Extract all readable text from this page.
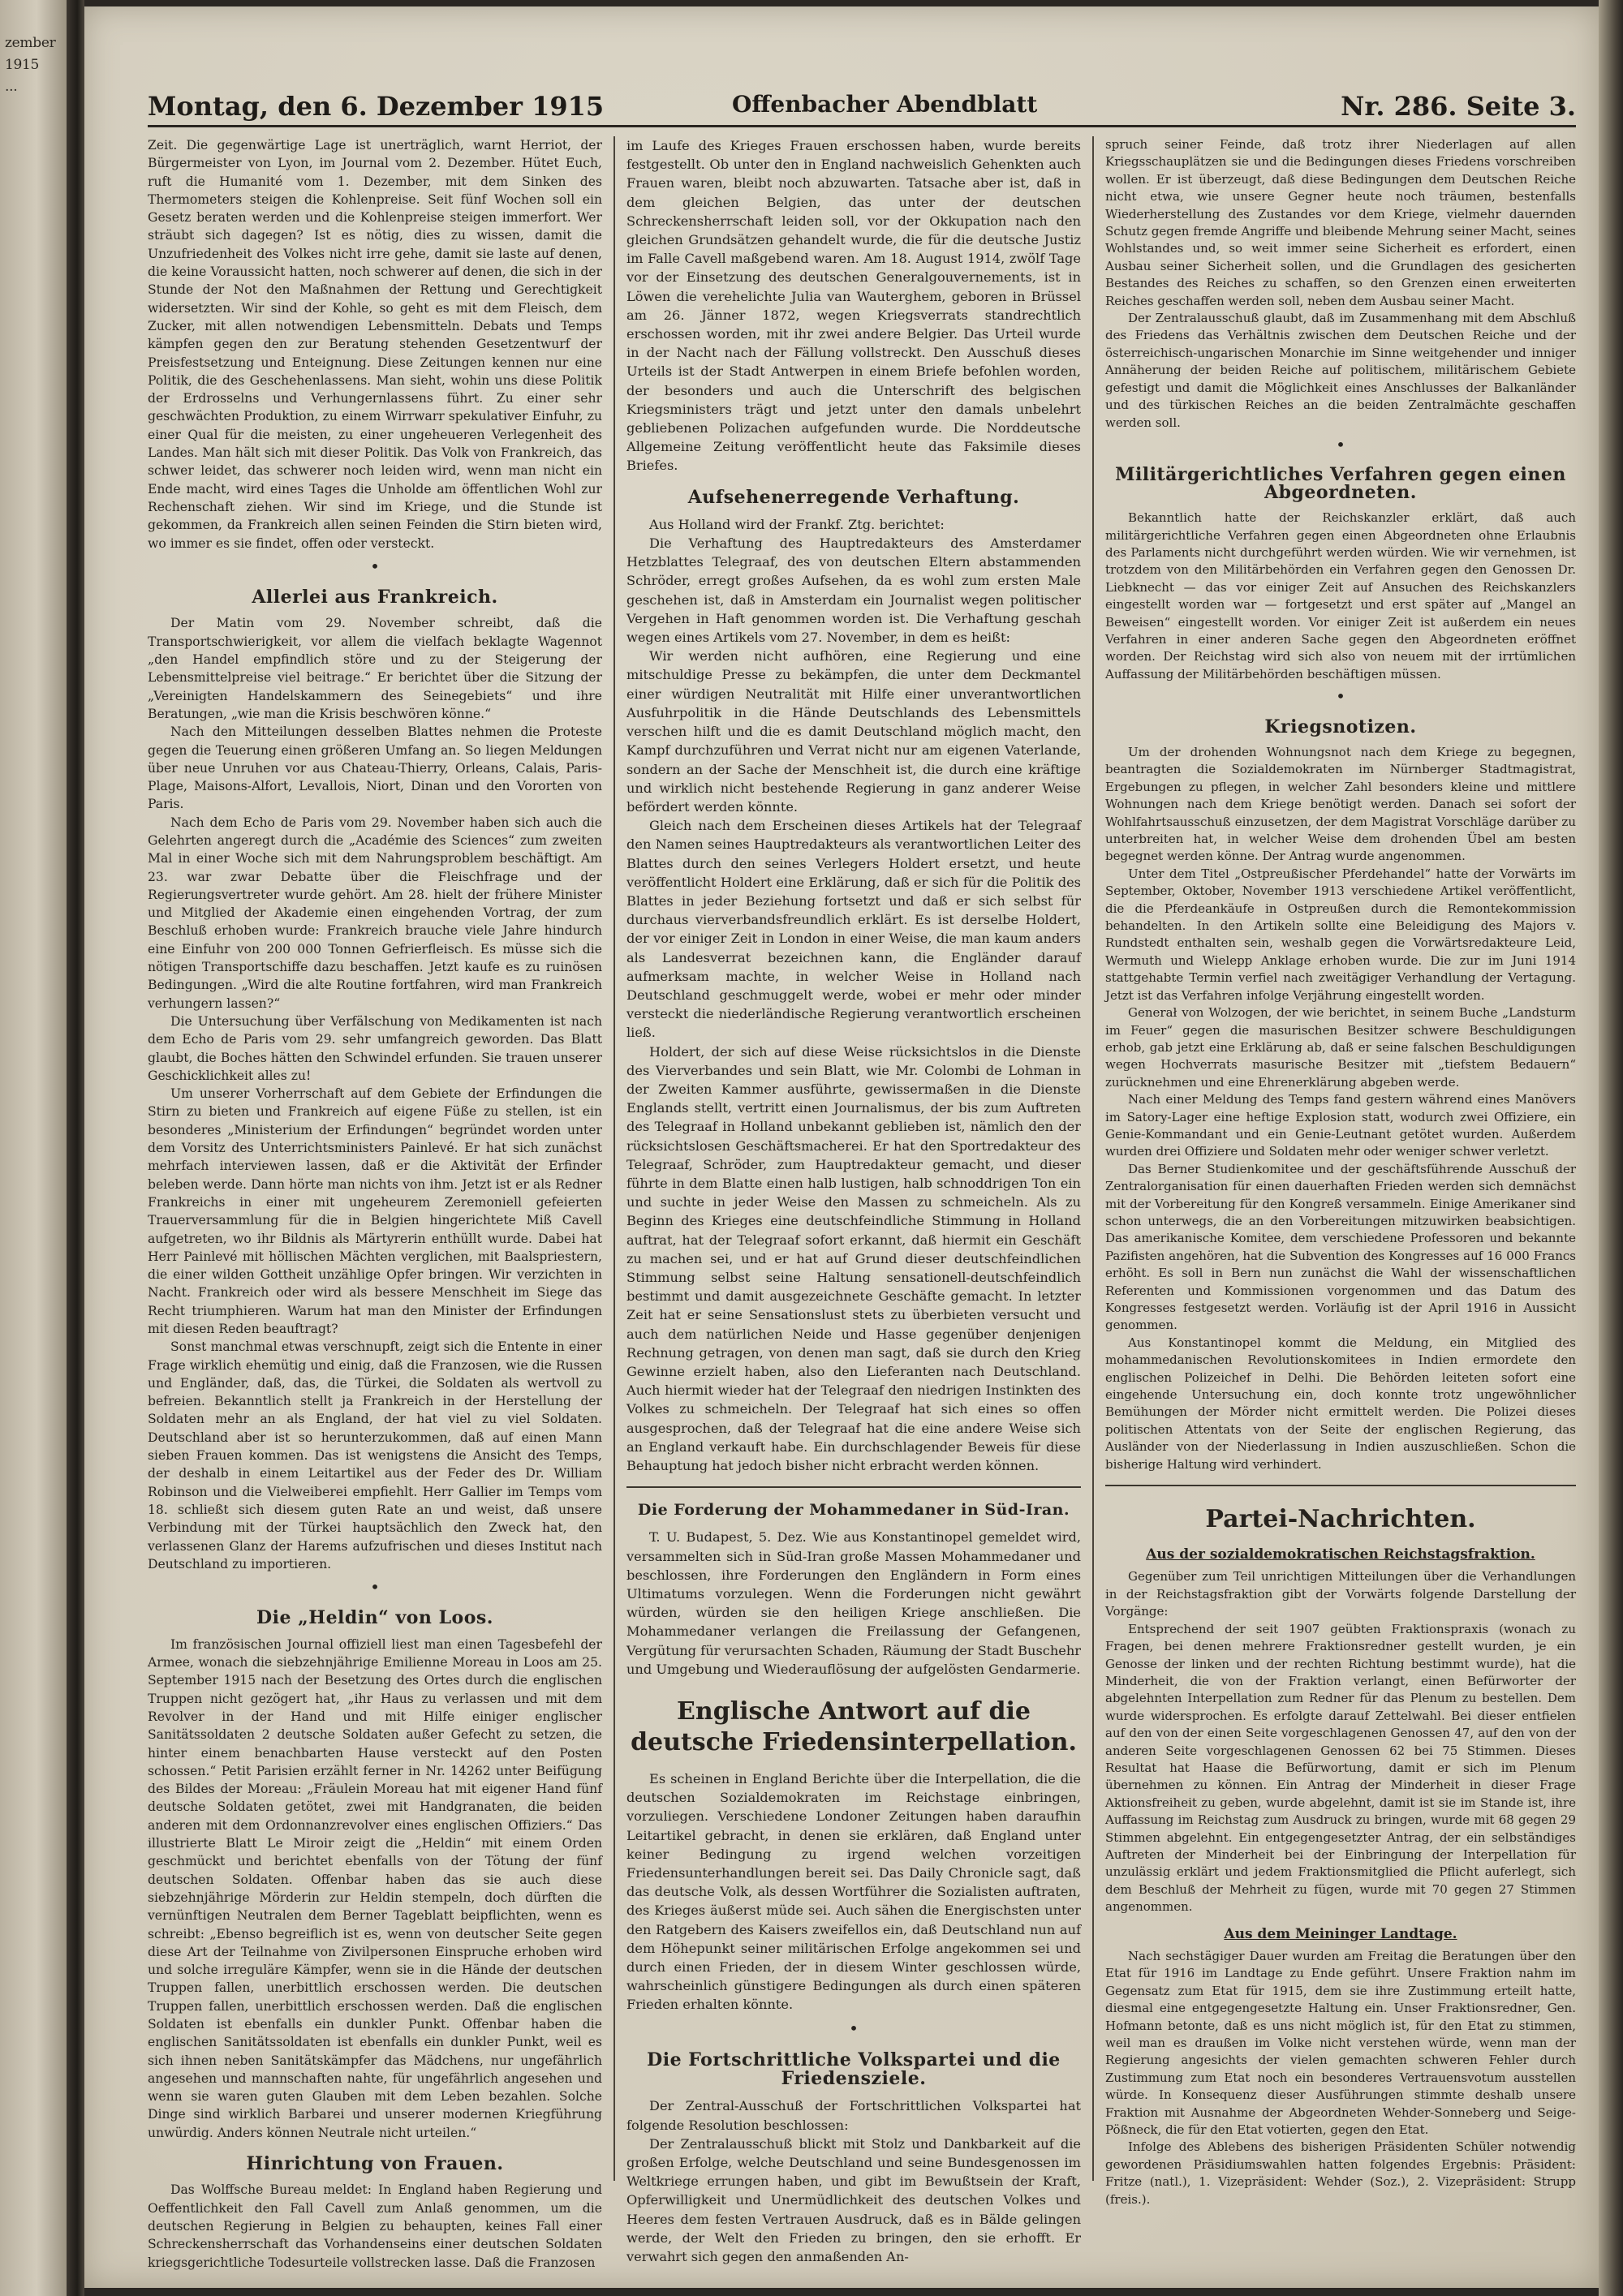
zember 1915
...
Montag, den 6. Dezember 1915	Offenbacher Abendblatt	Nr. 286. Seite 3.

Zeit. Die gegenwärtige Lage ist unerträglich, warnt Herriot, der Bürgermeister von Lyon, im Journal vom 2. Dezember. Hütet Euch, ruft die Humanité vom 1. Dezember, mit dem Sinken des Thermometers steigen die Kohlenpreise. Seit fünf Wochen soll ein Gesetz beraten werden und die Kohlenpreise steigen immerfort. Wer sträubt sich dagegen? Ist es nötig, dies zu wissen, damit die Unzufriedenheit des Volkes nicht irre gehe, damit sie laste auf denen, die keine Voraussicht hatten, noch schwerer auf denen, die sich in der Stunde der Not den Maßnahmen der Rettung und Gerechtigkeit widersetzten. Wir sind der Kohle, so geht es mit dem Fleisch, dem Zucker, mit allen notwendigen Lebensmitteln. Debats und Temps kämpfen gegen den zur Beratung stehenden Gesetzentwurf der Preisfestsetzung und Enteignung. Diese Zeitungen kennen nur eine Politik, die des Geschehenlassens. Man sieht, wohin uns diese Politik der Erdrosselns und Verhungernlassens führt. Zu einer sehr geschwächten Produktion, zu einem Wirrwarr spekulativer Einfuhr, zu einer Qual für die meisten, zu einer ungeheueren Verlegenheit des Landes. Man hält sich mit dieser Politik. Das Volk von Frankreich, das schwer leidet, das schwerer noch leiden wird, wenn man nicht ein Ende macht, wird eines Tages die Unholde am öffentlichen Wohl zur Rechenschaft ziehen. Wir sind im Kriege, und die Stunde ist gekommen, da Frankreich allen seinen Feinden die Stirn bieten wird, wo immer es sie findet, offen oder versteckt.

•
Allerlei aus Frankreich.

Der Matin vom 29. November schreibt, daß die Transportschwierigkeit, vor allem die vielfach beklagte Wagennot „den Handel empfindlich störe und zu der Steigerung der Lebensmittelpreise viel beitrage.“ Er berichtet über die Sitzung der „Vereinigten Handelskammern des Seinegebiets“ und ihre Beratungen, „wie man die Krisis beschwören könne.“

Nach den Mitteilungen desselben Blattes nehmen die Proteste gegen die Teuerung einen größeren Umfang an. So liegen Meldungen über neue Unruhen vor aus Chateau-Thierry, Orleans, Calais, Paris-Plage, Maisons-Alfort, Levallois, Niort, Dinan und den Vororten von Paris.

Nach dem Echo de Paris vom 29. November haben sich auch die Gelehrten angeregt durch die „Académie des Sciences“ zum zweiten Mal in einer Woche sich mit dem Nahrungsproblem beschäftigt. Am 23. war zwar Debatte über die Fleischfrage und der Regierungsvertreter wurde gehört. Am 28. hielt der frühere Minister und Mitglied der Akademie einen eingehenden Vortrag, der zum Beschluß erhoben wurde: Frankreich brauche viele Jahre hindurch eine Einfuhr von 200 000 Tonnen Gefrierfleisch. Es müsse sich die nötigen Transportschiffe dazu beschaffen. Jetzt kaufe es zu ruinösen Bedingungen. „Wird die alte Routine fortfahren, wird man Frankreich verhungern lassen?“

Die Untersuchung über Verfälschung von Medikamenten ist nach dem Echo de Paris vom 29. sehr umfangreich geworden. Das Blatt glaubt, die Boches hätten den Schwindel erfunden. Sie trauen unserer Geschicklichkeit alles zu!

Um unserer Vorherrschaft auf dem Gebiete der Erfindungen die Stirn zu bieten und Frankreich auf eigene Füße zu stellen, ist ein besonderes „Ministerium der Erfindungen“ begründet worden unter dem Vorsitz des Unterrichtsministers Painlevé. Er hat sich zunächst mehrfach interviewen lassen, daß er die Aktivität der Erfinder beleben werde. Dann hörte man nichts von ihm. Jetzt ist er als Redner Frankreichs in einer mit ungeheurem Zeremoniell gefeierten Trauerversammlung für die in Belgien hingerichtete Miß Cavell aufgetreten, wo ihr Bildnis als Märtyrerin enthüllt wurde. Dabei hat Herr Painlevé mit höllischen Mächten verglichen, mit Baalspriestern, die einer wilden Gottheit unzählige Opfer bringen. Wir verzichten in Nacht. Frankreich oder wird als bessere Menschheit im Siege das Recht triumphieren. Warum hat man den Minister der Erfindungen mit diesen Reden beauftragt?

Sonst manchmal etwas verschnupft, zeigt sich die Entente in einer Frage wirklich ehemütig und einig, daß die Franzosen, wie die Russen und Engländer, daß, das, die Türkei, die Soldaten als wertvoll zu befreien. Bekanntlich stellt ja Frankreich in der Herstellung der Soldaten mehr an als England, der hat viel zu viel Soldaten. Deutschland aber ist so herunterzukommen, daß auf einen Mann sieben Frauen kommen. Das ist wenigstens die Ansicht des Temps, der deshalb in einem Leitartikel aus der Feder des Dr. William Robinson und die Vielweiberei empfiehlt. Herr Gallier im Temps vom 18. schließt sich diesem guten Rate an und weist, daß unsere Verbindung mit der Türkei hauptsächlich den Zweck hat, den verlassenen Glanz der Harems aufzufrischen und dieses Institut nach Deutschland zu importieren.

•
Die „Heldin“ von Loos.

Im französischen Journal offiziell liest man einen Tagesbefehl der Armee, wonach die siebzehnjährige Emilienne Moreau in Loos am 25. September 1915 nach der Besetzung des Ortes durch die englischen Truppen nicht gezögert hat, „ihr Haus zu verlassen und mit dem Revolver in der Hand und mit Hilfe einiger englischer Sanitätssoldaten 2 deutsche Soldaten außer Gefecht zu setzen, die hinter einem benachbarten Hause versteckt auf den Posten schossen.“ Petit Parisien erzählt ferner in Nr. 14262 unter Beifügung des Bildes der Moreau: „Fräulein Moreau hat mit eigener Hand fünf deutsche Soldaten getötet, zwei mit Handgranaten, die beiden anderen mit dem Ordonnanzrevolver eines englischen Offiziers.“ Das illustrierte Blatt Le Miroir zeigt die „Heldin“ mit einem Orden geschmückt und berichtet ebenfalls von der Tötung der fünf deutschen Soldaten. Offenbar haben das sie auch diese siebzehnjährige Mörderin zur Heldin stempeln, doch dürften die vernünftigen Neutralen dem Berner Tageblatt beipflichten, wenn es schreibt: „Ebenso begreiflich ist es, wenn von deutscher Seite gegen diese Art der Teilnahme von Zivilpersonen Einspruche erhoben wird und solche irreguläre Kämpfer, wenn sie in die Hände der deutschen Truppen fallen, unerbittlich erschossen werden. Die deutschen Truppen fallen, unerbittlich erschossen werden. Daß die englischen Soldaten ist ebenfalls ein dunkler Punkt. Offenbar haben die englischen Sanitätssoldaten ist ebenfalls ein dunkler Punkt, weil es sich ihnen neben Sanitätskämpfer das Mädchens, nur ungefährlich angesehen und mannschaften nahte, für ungefährlich angesehen und wenn sie waren guten Glauben mit dem Leben bezahlen. Solche Dinge sind wirklich Barbarei und unserer modernen Kriegführung unwürdig. Anders können Neutrale nicht urteilen.“

Hinrichtung von Frauen.

Das Wolffsche Bureau meldet: In England haben Regierung und Oeffentlichkeit den Fall Cavell zum Anlaß genommen, um die deutschen Regierung in Belgien zu behaupten, keines Fall einer Schreckensherrschaft das Vorhandenseins einer deutschen Soldaten kriegsgerichtliche Todesurteile vollstrecken lasse. Daß die Franzosen

im Laufe des Krieges Frauen erschossen haben, wurde bereits festgestellt. Ob unter den in England nachweislich Gehenkten auch Frauen waren, bleibt noch abzuwarten. Tatsache aber ist, daß in dem gleichen Belgien, das unter der deutschen Schreckensherrschaft leiden soll, vor der Okkupation nach den gleichen Grundsätzen gehandelt wurde, die für die deutsche Justiz im Falle Cavell maßgebend waren. Am 18. August 1914, zwölf Tage vor der Einsetzung des deutschen Generalgouvernements, ist in Löwen die verehelichte Julia van Wauterghem, geboren in Brüssel am 26. Jänner 1872, wegen Kriegsverrats standrechtlich erschossen worden, mit ihr zwei andere Belgier. Das Urteil wurde in der Nacht nach der Fällung vollstreckt. Den Ausschuß dieses Urteils ist der Stadt Antwerpen in einem Briefe befohlen worden, der besonders und auch die Unterschrift des belgischen Kriegsministers trägt und jetzt unter den damals unbelehrt gebliebenen Polizachen aufgefunden wurde. Die Norddeutsche Allgemeine Zeitung veröffentlicht heute das Faksimile dieses Briefes.

Aufsehenerregende Verhaftung.

Aus Holland wird der Frankf. Ztg. berichtet:

Die Verhaftung des Hauptredakteurs des Amsterdamer Hetzblattes Telegraaf, des von deutschen Eltern abstammenden Schröder, erregt großes Aufsehen, da es wohl zum ersten Male geschehen ist, daß in Amsterdam ein Journalist wegen politischer Vergehen in Haft genommen worden ist. Die Verhaftung geschah wegen eines Artikels vom 27. November, in dem es heißt:

Wir werden nicht aufhören, eine Regierung und eine mitschuldige Presse zu bekämpfen, die unter dem Deckmantel einer würdigen Neutralität mit Hilfe einer unverantwortlichen Ausfuhrpolitik in die Hände Deutschlands des Lebensmittels verschen hilft und die es damit Deutschland möglich macht, den Kampf durchzuführen und Verrat nicht nur am eigenen Vaterlande, sondern an der Sache der Menschheit ist, die durch eine kräftige und wirklich nicht bestehende Regierung in ganz anderer Weise befördert werden könnte.

Gleich nach dem Erscheinen dieses Artikels hat der Telegraaf den Namen seines Hauptredakteurs als verantwortlichen Leiter des Blattes durch den seines Verlegers Holdert ersetzt, und heute veröffentlicht Holdert eine Erklärung, daß er sich für die Politik des Blattes in jeder Beziehung fortsetzt und daß er sich selbst für durchaus vierverbandsfreundlich erklärt. Es ist derselbe Holdert, der vor einiger Zeit in London in einer Weise, die man kaum anders als Landesverrat bezeichnen kann, die Engländer darauf aufmerksam machte, in welcher Weise in Holland nach Deutschland geschmuggelt werde, wobei er mehr oder minder versteckt die niederländische Regierung verantwortlich erscheinen ließ.

Holdert, der sich auf diese Weise rücksichtslos in die Dienste des Vierverbandes und sein Blatt, wie Mr. Colombi de Lohman in der Zweiten Kammer ausführte, gewissermaßen in die Dienste Englands stellt, vertritt einen Journalismus, der bis zum Auftreten des Telegraaf in Holland unbekannt geblieben ist, nämlich den der rücksichtslosen Geschäftsmacherei. Er hat den Sportredakteur des Telegraaf, Schröder, zum Hauptredakteur gemacht, und dieser führte in dem Blatte einen halb lustigen, halb schnoddrigen Ton ein und suchte in jeder Weise den Massen zu schmeicheln. Als zu Beginn des Krieges eine deutschfeindliche Stimmung in Holland auftrat, hat der Telegraaf sofort erkannt, daß hiermit ein Geschäft zu machen sei, und er hat auf Grund dieser deutschfeindlichen Stimmung selbst seine Haltung sensationell-deutschfeindlich bestimmt und damit ausgezeichnete Geschäfte gemacht. In letzter Zeit hat er seine Sensationslust stets zu überbieten versucht und auch dem natürlichen Neide und Hasse gegenüber denjenigen Rechnung getragen, von denen man sagt, daß sie durch den Krieg Gewinne erzielt haben, also den Lieferanten nach Deutschland. Auch hiermit wieder hat der Telegraaf den niedrigen Instinkten des Volkes zu schmeicheln. Der Telegraaf hat sich eines so offen ausgesprochen, daß der Telegraaf hat die eine andere Weise sich an England verkauft habe. Ein durchschlagender Beweis für diese Behauptung hat jedoch bisher nicht erbracht werden können.

Die Forderung der Mohammedaner in Süd-Iran.

T. U. Budapest, 5. Dez. Wie aus Konstantinopel gemeldet wird, versammelten sich in Süd-Iran große Massen Mohammedaner und beschlossen, ihre Forderungen den Engländern in Form eines Ultimatums vorzulegen. Wenn die Forderungen nicht gewährt würden, würden sie den heiligen Kriege anschließen. Die Mohammedaner verlangen die Freilassung der Gefangenen, Vergütung für verursachten Schaden, Räumung der Stadt Buschehr und Umgebung und Wiederauflösung der aufgelösten Gendarmerie.

Englische Antwort auf die deutsche Friedensinterpellation.

Es scheinen in England Berichte über die Interpellation, die die deutschen Sozialdemokraten im Reichstage einbringen, vorzuliegen. Verschiedene Londoner Zeitungen haben daraufhin Leitartikel gebracht, in denen sie erklären, daß England unter keiner Bedingung zu irgend welchen vorzeitigen Friedensunterhandlungen bereit sei. Das Daily Chronicle sagt, daß das deutsche Volk, als dessen Wortführer die Sozialisten auftraten, des Krieges äußerst müde sei. Auch sähen die Energischsten unter den Ratgebern des Kaisers zweifellos ein, daß Deutschland nun auf dem Höhepunkt seiner militärischen Erfolge angekommen sei und durch einen Frieden, der in diesem Winter geschlossen würde, wahrscheinlich günstigere Bedingungen als durch einen späteren Frieden erhalten könnte.

•
Die Fortschrittliche Volkspartei und die Friedensziele.

Der Zentral-Ausschuß der Fortschrittlichen Volkspartei hat folgende Resolution beschlossen:

Der Zentralausschuß blickt mit Stolz und Dankbarkeit auf die großen Erfolge, welche Deutschland und seine Bundesgenossen im Weltkriege errungen haben, und gibt im Bewußtsein der Kraft, Opferwilligkeit und Unermüdlichkeit des deutschen Volkes und Heeres dem festen Vertrauen Ausdruck, daß es in Bälde gelingen werde, der Welt den Frieden zu bringen, den sie erhofft. Er verwahrt sich gegen den anmaßenden An-

spruch seiner Feinde, daß trotz ihrer Niederlagen auf allen Kriegsschauplätzen sie und die Bedingungen dieses Friedens vorschreiben wollen. Er ist überzeugt, daß diese Bedingungen dem Deutschen Reiche nicht etwa, wie unsere Gegner heute noch träumen, bestenfalls Wiederherstellung des Zustandes vor dem Kriege, vielmehr dauernden Schutz gegen fremde Angriffe und bleibende Mehrung seiner Macht, seines Wohlstandes und, so weit immer seine Sicherheit es erfordert, einen Ausbau seiner Sicherheit sollen, und die Grundlagen des gesicherten Bestandes des Reiches zu schaffen, so den Grenzen einen erweiterten Reiches geschaffen werden soll, neben dem Ausbau seiner Macht.

Der Zentralausschuß glaubt, daß im Zusammenhang mit dem Abschluß des Friedens das Verhältnis zwischen dem Deutschen Reiche und der österreichisch-ungarischen Monarchie im Sinne weitgehender und inniger Annäherung der beiden Reiche auf politischem, militärischem Gebiete gefestigt und damit die Möglichkeit eines Anschlusses der Balkanländer und des türkischen Reiches an die beiden Zentralmächte geschaffen werden soll.

•
Militärgerichtliches Verfahren gegen einen Abgeordneten.

Bekanntlich hatte der Reichskanzler erklärt, daß auch militärgerichtliche Verfahren gegen einen Abgeordneten ohne Erlaubnis des Parlaments nicht durchgeführt werden würden. Wie wir vernehmen, ist trotzdem von den Militärbehörden ein Verfahren gegen den Genossen Dr. Liebknecht — das vor einiger Zeit auf Ansuchen des Reichskanzlers eingestellt worden war — fortgesetzt und erst später auf „Mangel an Beweisen“ eingestellt worden. Vor einiger Zeit ist außerdem ein neues Verfahren in einer anderen Sache gegen den Abgeordneten eröffnet worden. Der Reichstag wird sich also von neuem mit der irrtümlichen Auffassung der Militärbehörden beschäftigen müssen.

•
Kriegsnotizen.

Um der drohenden Wohnungsnot nach dem Kriege zu begegnen, beantragten die Sozialdemokraten im Nürnberger Stadtmagistrat, Ergebungen zu pflegen, in welcher Zahl besonders kleine und mittlere Wohnungen nach dem Kriege benötigt werden. Danach sei sofort der Wohlfahrtsausschuß einzusetzen, der dem Magistrat Vorschläge darüber zu unterbreiten hat, in welcher Weise dem drohenden Übel am besten begegnet werden könne. Der Antrag wurde angenommen.

Unter dem Titel „Ostpreußischer Pferdehandel“ hatte der Vorwärts im September, Oktober, November 1913 verschiedene Artikel veröffentlicht, die die Pferdeankäufe in Ostpreußen durch die Remontekommission behandelten. In den Artikeln sollte eine Beleidigung des Majors v. Rundstedt enthalten sein, weshalb gegen die Vorwärtsredakteure Leid, Wermuth und Wielepp Anklage erhoben wurde. Die zur im Juni 1914 stattgehabte Termin verfiel nach zweitägiger Verhandlung der Vertagung. Jetzt ist das Verfahren infolge Verjährung eingestellt worden.

Generał von Wolzogen, der wie berichtet, in seinem Buche „Landsturm im Feuer“ gegen die masurischen Besitzer schwere Beschuldigungen erhob, gab jetzt eine Erklärung ab, daß er seine falschen Beschuldigungen wegen Hochverrats masurische Besitzer mit „tiefstem Bedauern“ zurücknehmen und eine Ehrenerklärung abgeben werde.

Nach einer Meldung des Temps fand gestern während eines Manövers im Satory-Lager eine heftige Explosion statt, wodurch zwei Offiziere, ein Genie-Kommandant und ein Genie-Leutnant getötet wurden. Außerdem wurden drei Offiziere und Soldaten mehr oder weniger schwer verletzt.

Das Berner Studienkomitee und der geschäftsführende Ausschuß der Zentralorganisation für einen dauerhaften Frieden werden sich demnächst mit der Vorbereitung für den Kongreß versammeln. Einige Amerikaner sind schon unterwegs, die an den Vorbereitungen mitzuwirken beabsichtigen. Das amerikanische Komitee, dem verschiedene Professoren und bekannte Pazifisten angehören, hat die Subvention des Kongresses auf 16 000 Francs erhöht. Es soll in Bern nun zunächst die Wahl der wissenschaftlichen Referenten und Kommissionen vorgenommen und das Datum des Kongresses festgesetzt werden. Vorläufig ist der April 1916 in Aussicht genommen.

Aus Konstantinopel kommt die Meldung, ein Mitglied des mohammedanischen Revolutionskomitees in Indien ermordete den englischen Polizeichef in Delhi. Die Behörden leiteten sofort eine eingehende Untersuchung ein, doch konnte trotz ungewöhnlicher Bemühungen der Mörder nicht ermittelt werden. Die Polizei dieses politischen Attentats von der Seite der englischen Regierung, das Ausländer von der Niederlassung in Indien auszuschließen. Schon die bisherige Haltung wird verhindert.

Partei-Nachrichten.
Aus der sozialdemokratischen Reichstagsfraktion.

Gegenüber zum Teil unrichtigen Mitteilungen über die Verhandlungen in der Reichstagsfraktion gibt der Vorwärts folgende Darstellung der Vorgänge:

Entsprechend der seit 1907 geübten Fraktionspraxis (wonach zu Fragen, bei denen mehrere Fraktionsredner gestellt wurden, je ein Genosse der linken und der rechten Richtung bestimmt wurde), hat die Minderheit, die von der Fraktion verlangt, einen Befürworter der abgelehnten Interpellation zum Redner für das Plenum zu bestellen. Dem wurde widersprochen. Es erfolgte darauf Zettelwahl. Bei dieser entfielen auf den von der einen Seite vorgeschlagenen Genossen 47, auf den von der anderen Seite vorgeschlagenen Genossen 62 bei 75 Stimmen. Dieses Resultat hat Haase die Befürwortung, damit er sich im Plenum übernehmen zu können. Ein Antrag der Minderheit in dieser Frage Aktionsfreiheit zu geben, wurde abgelehnt, damit ist sie im Stande ist, ihre Auffassung im Reichstag zum Ausdruck zu bringen, wurde mit 68 gegen 29 Stimmen abgelehnt. Ein entgegengesetzter Antrag, der ein selbständiges Auftreten der Minderheit bei der Einbringung der Interpellation für unzulässig erklärt und jedem Fraktionsmitglied die Pflicht auferlegt, sich dem Beschluß der Mehrheit zu fügen, wurde mit 70 gegen 27 Stimmen angenommen.

Aus dem Meininger Landtage.

Nach sechstägiger Dauer wurden am Freitag die Beratungen über den Etat für 1916 im Landtage zu Ende geführt. Unsere Fraktion nahm im Gegensatz zum Etat für 1915, dem sie ihre Zustimmung erteilt hatte, diesmal eine entgegengesetzte Haltung ein. Unser Fraktionsredner, Gen. Hofmann betonte, daß es uns nicht möglich ist, für den Etat zu stimmen, weil man es draußen im Volke nicht verstehen würde, wenn man der Regierung angesichts der vielen gemachten schweren Fehler durch Zustimmung zum Etat noch ein besonderes Vertrauensvotum ausstellen würde. In Konsequenz dieser Ausführungen stimmte deshalb unsere Fraktion mit Ausnahme der Abgeordneten Wehder-Sonneberg und Seige-Pößneck, die für den Etat votierten, gegen den Etat.

Infolge des Ablebens des bisherigen Präsidenten Schüler notwendig gewordenen Präsidiumswahlen hatten folgendes Ergebnis: Präsident: Fritze (natl.), 1. Vizepräsident: Wehder (Soz.), 2. Vizepräsident: Strupp (freis.).
